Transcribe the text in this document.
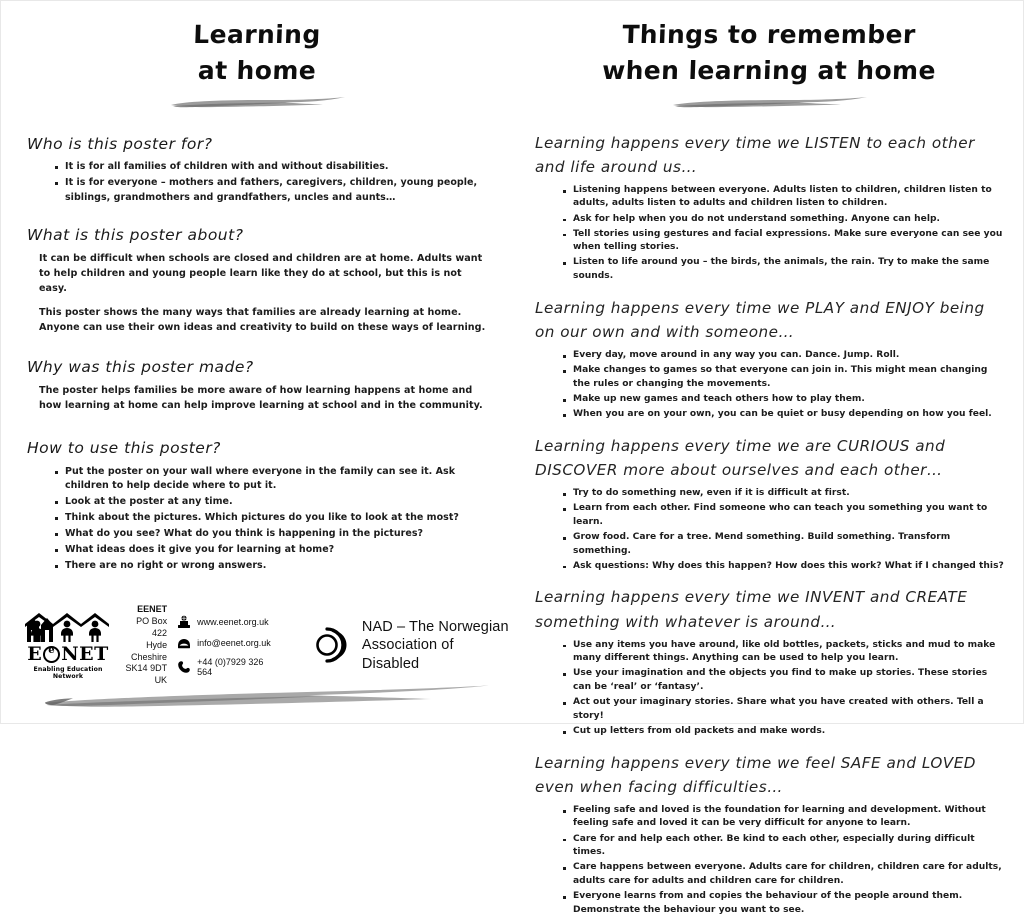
Learning
at home
Who is this poster for?
It is for all families of children with and without disabilities.
It is for everyone – mothers and fathers, caregivers, children, young people, siblings, grandmothers and grandfathers, uncles and aunts…
What is this poster about?

It can be difficult when schools are closed and children are at home. Adults want to help children and young people learn like they do at school, but this is not easy.

This poster shows the many ways that families are already learning at home. Anyone can use their own ideas and creativity to build on these ways of learning.

Why was this poster made?

The poster helps families be more aware of how learning happens at home and how learning at home can help improve learning at school and in the community.

How to use this poster?
Put the poster on your wall where everyone in the family can see it. Ask children to help decide where to put it.
Look at the poster at any time.
Think about the pictures. Which pictures do you like to look at the most?
What do you see? What do you think is happening in the pictures?
What ideas does it give you for learning at home?
There are no right or wrong answers.
E e NET
Enabling Education Network
EENET
PO Box 422
Hyde
Cheshire
SK14 9DT
UK
www.eenet.org.uk
info@eenet.org.uk
+44 (0)7929 326 564
NAD – The Norwegian
Association of Disabled
Things to remember
when learning at home
Learning happens every time we LISTEN to each other and life around us…
Listening happens between everyone. Adults listen to children, children listen to adults, adults listen to adults and children listen to children.
Ask for help when you do not understand something. Anyone can help.
Tell stories using gestures and facial expressions. Make sure everyone can see you when telling stories.
Listen to life around you – the birds, the animals, the rain. Try to make the same sounds.
Learning happens every time we PLAY and ENJOY being on our own and with someone…
Every day, move around in any way you can. Dance. Jump. Roll.
Make changes to games so that everyone can join in. This might mean changing the rules or changing the movements.
Make up new games and teach others how to play them.
When you are on your own, you can be quiet or busy depending on how you feel.
Learning happens every time we are CURIOUS and DISCOVER more about ourselves and each other…
Try to do something new, even if it is difficult at first.
Learn from each other. Find someone who can teach you something you want to learn.
Grow food. Care for a tree. Mend something. Build something. Transform something.
Ask questions: Why does this happen? How does this work? What if I changed this?
Learning happens every time we INVENT and CREATE something with whatever is around…
Use any items you have around, like old bottles, packets, sticks and mud to make many different things. Anything can be used to help you learn.
Use your imagination and the objects you find to make up stories. These stories can be ‘real’ or ‘fantasy’.
Act out your imaginary stories. Share what you have created with others. Tell a story!
Cut up letters from old packets and make words.
Learning happens every time we feel SAFE and LOVED even when facing difficulties…
Feeling safe and loved is the foundation for learning and development. Without feeling safe and loved it can be very difficult for anyone to learn.
Care for and help each other. Be kind to each other, especially during difficult times.
Care happens between everyone. Adults care for children, children care for adults, adults care for adults and children care for children.
Everyone learns from and copies the behaviour of the people around them. Demonstrate the behaviour you want to see.
